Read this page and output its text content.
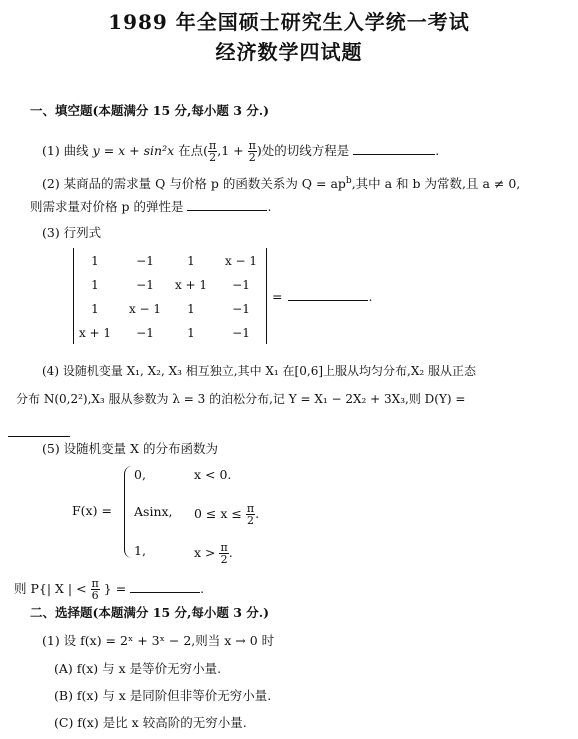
1989 年全国硕士研究生入学统一考试
经济数学四试题
一、填空题(本题满分 15 分,每小题 3 分.)
(1) 曲线 y = x + sin²x 在点( $\frac{\pi}{2} ,1 + \frac{\pi}{2}$ )处的切线方程是	.
(2) 某商品的需求量 Q 与价格 p 的函数关系为 $Q = ap^b$,其中 a 和 b 为常数,且 a ≠ 0,
则需求量对价格 p 的弹性是	.
(3) 行列式
1	−1	1	x − 1
1	−1	x + 1	−1
1	x − 1	1	−1
x + 1	−1	1	−1
=	.
(4) 设随机变量 X₁, X₂, X₃ 相互独立,其中 X₁ 在[0,6]上服从均匀分布,X₂ 服从正态
分布 N(0,2²),X₃ 服从参数为 λ = 3 的泊松分布,记 Y = X₁ − 2X₂ + 3X₃,则 D(Y) =
(5) 设随机变量 X 的分布函数为
F(x) =
0,	x < 0.
Asinx, $0 \le x \le \frac{\pi}{2}$ .
1,	$x > \frac{\pi}{2}$ .
则 P{| X | < $\frac{\pi}{6}$ } =	.
二、选择题(本题满分 15 分,每小题 3 分.)
(1) 设 f(x) = 2ˣ + 3ˣ − 2,则当 x → 0 时
(A) f(x) 与 x 是等价无穷小量.
(B) f(x) 与 x 是同阶但非等价无穷小量.
(C) f(x) 是比 x 较高阶的无穷小量.
